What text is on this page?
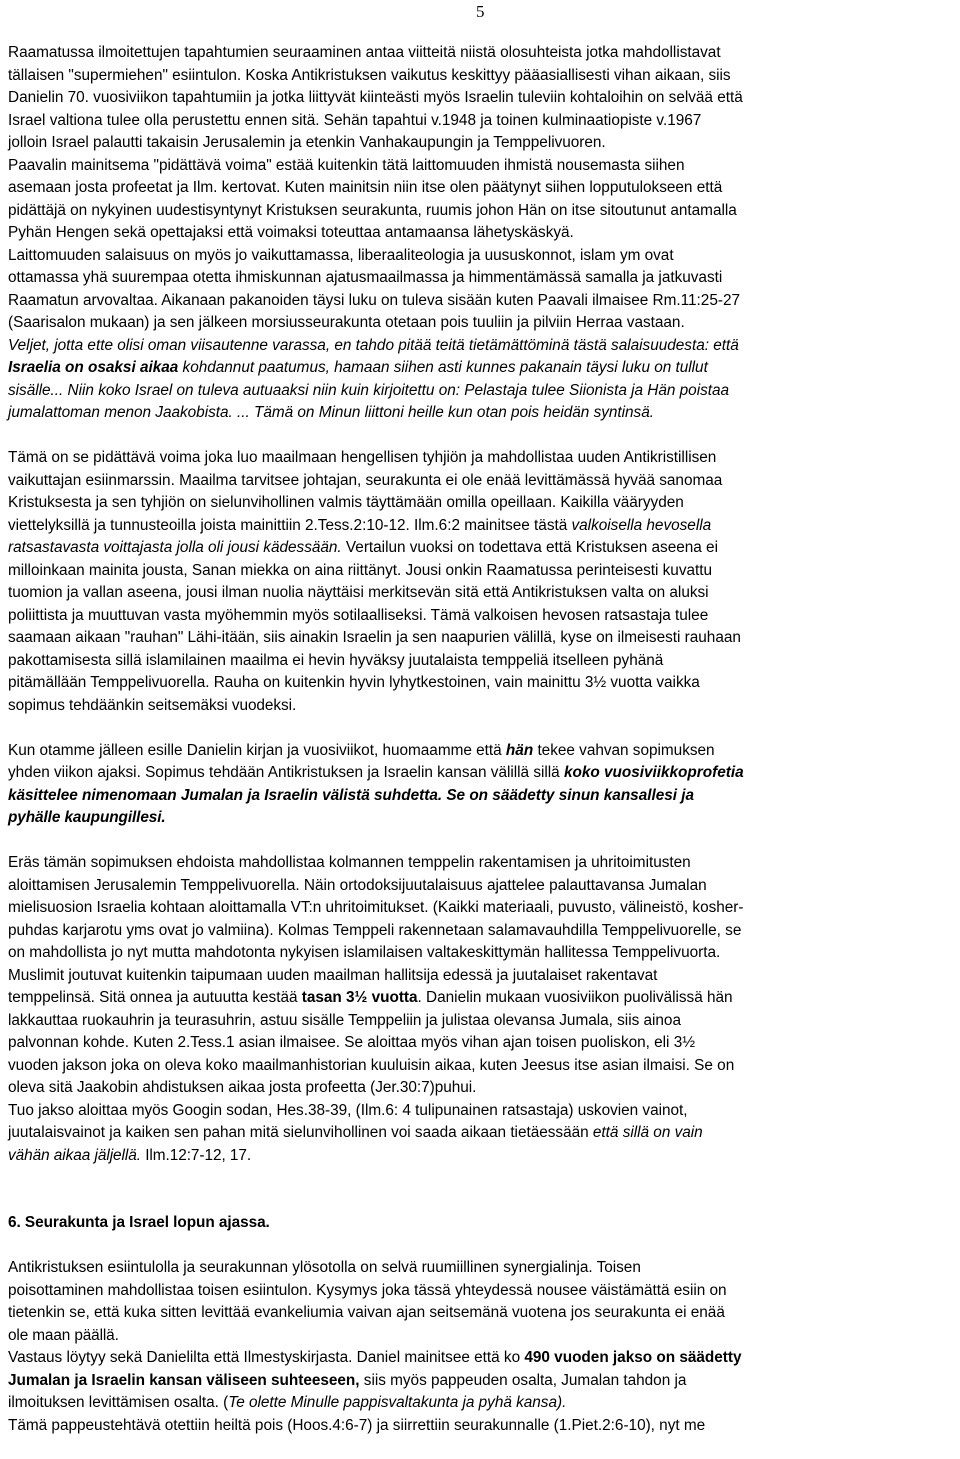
5
Raamatussa ilmoitettujen tapahtumien seuraaminen antaa viitteitä niistä olosuhteista jotka mahdollistavat
tällaisen "supermiehen" esiintulon. Koska Antikristuksen vaikutus keskittyy pääasiallisesti vihan aikaan, siis
Danielin 70. vuosiviikon tapahtumiin ja jotka liittyvät kiinteästi myös Israelin tuleviin kohtaloihin on selvää että
Israel valtiona tulee olla perustettu ennen sitä. Sehän tapahtui v.1948 ja toinen kulminaatiopiste v.1967
jolloin Israel palautti takaisin Jerusalemin ja etenkin Vanhakaupungin ja Temppelivuoren.
Paavalin mainitsema "pidättävä voima" estää kuitenkin tätä laittomuuden ihmistä nousemasta siihen
asemaan josta profeetat ja Ilm. kertovat. Kuten mainitsin niin itse olen päätynyt siihen lopputulokseen että
pidättäjä on nykyinen uudestisyntynyt Kristuksen seurakunta, ruumis johon Hän on itse sitoutunut antamalla
Pyhän Hengen sekä opettajaksi että voimaksi toteuttaa antamaansa lähetyskäskyä.
Laittomuuden salaisuus on myös jo vaikuttamassa, liberaaliteologia ja uususkonnot, islam ym ovat
ottamassa yhä suurempaa otetta ihmiskunnan ajatusmaailmassa ja himmentämässä samalla ja jatkuvasti
Raamatun arvovaltaa. Aikanaan pakanoiden täysi luku on tuleva sisään kuten Paavali ilmaisee Rm.11:25-27
(Saarisalon mukaan) ja sen jälkeen morsiusseurakunta otetaan pois tuuliin ja pilviin Herraa vastaan.
Veljet, jotta ette olisi oman viisautenne varassa, en tahdo pitää teitä tietämättöminä tästä salaisuudesta: että
Israelia on osaksi aikaa kohdannut paatumus, hamaan siihen asti kunnes pakanain täysi luku on tullut
sisälle... Niin koko Israel on tuleva autuaaksi niin kuin kirjoitettu on: Pelastaja tulee Siionista ja Hän poistaa
jumalattoman menon Jaakobista. ... Tämä on Minun liittoni heille kun otan pois heidän syntinsä.
Tämä on se pidättävä voima joka luo maailmaan hengellisen tyhjiön ja mahdollistaa uuden Antikristillisen
vaikuttajan esiinmarssin. Maailma tarvitsee johtajan, seurakunta ei ole enää levittämässä hyvää sanomaa
Kristuksesta ja sen tyhjiön on sielunvihollinen valmis täyttämään omilla opeillaan. Kaikilla vääryyden
viettelyksillä ja tunnusteoilla joista mainittiin 2.Tess.2:10-12. Ilm.6:2 mainitsee tästä valkoisella hevosella
ratsastavasta voittajasta jolla oli jousi kädessään. Vertailun vuoksi on todettava että Kristuksen aseena ei
milloinkaan mainita jousta, Sanan miekka on aina riittänyt. Jousi onkin Raamatussa perinteisesti kuvattu
tuomion ja vallan aseena, jousi ilman nuolia näyttäisi merkitsevän sitä että Antikristuksen valta on aluksi
poliittista ja muuttuvan vasta myöhemmin myös sotilaalliseksi. Tämä valkoisen hevosen ratsastaja tulee
saamaan aikaan "rauhan" Lähi-itään, siis ainakin Israelin ja sen naapurien välillä, kyse on ilmeisesti rauhaan
pakottamisesta sillä islamilainen maailma ei hevin hyväksy juutalaista temppeliä itselleen pyhänä
pitämällään Temppelivuorella. Rauha on kuitenkin hyvin lyhytkestoinen, vain mainittu 3½ vuotta vaikka
sopimus tehdäänkin seitsemäksi vuodeksi.
Kun otamme jälleen esille Danielin kirjan ja vuosiviikot, huomaamme että hän tekee vahvan sopimuksen
yhden viikon ajaksi. Sopimus tehdään Antikristuksen ja Israelin kansan välillä sillä koko vuosiviikkoprofetia
käsittelee nimenomaan Jumalan ja Israelin välistä suhdetta. Se on säädetty sinun kansallesi ja
pyhälle kaupungillesi.
Eräs tämän sopimuksen ehdoista mahdollistaa kolmannen temppelin rakentamisen ja uhritoimitusten
aloittamisen Jerusalemin Temppelivuorella. Näin ortodoksijuutalaisuus ajattelee palauttavansa Jumalan
mielisuosion Israelia kohtaan aloittamalla VT:n uhritoimitukset. (Kaikki materiaali, puvusto, välineistö, kosher-
puhdas karjarotu yms ovat jo valmiina). Kolmas Temppeli rakennetaan salamavauhdilla Temppelivuorelle, se
on mahdollista jo nyt mutta mahdotonta nykyisen islamilaisen valtakeskittymän hallitessa Temppelivuorta.
Muslimit joutuvat kuitenkin taipumaan uuden maailman hallitsija edessä ja juutalaiset rakentavat
temppelinsä. Sitä onnea ja autuutta kestää tasan 3½ vuotta. Danielin mukaan vuosiviikon puolivälissä hän
lakkauttaa ruokauhrin ja teurasuhrin, astuu sisälle Temppeliin ja julistaa olevansa Jumala, siis ainoa
palvonnan kohde. Kuten 2.Tess.1 asian ilmaisee. Se aloittaa myös vihan ajan toisen puoliskon, eli 3½
vuoden jakson joka on oleva koko maailmanhistorian kuuluisin aikaa, kuten Jeesus itse asian ilmaisi. Se on
oleva sitä Jaakobin ahdistuksen aikaa josta profeetta (Jer.30:7)puhui.
Tuo jakso aloittaa myös Googin sodan, Hes.38-39, (Ilm.6: 4 tulipunainen ratsastaja) uskovien vainot,
juutalaisvainot ja kaiken sen pahan mitä sielunvihollinen voi saada aikaan tietäessään että sillä on vain
vähän aikaa jäljellä. Ilm.12:7-12, 17.
6. Seurakunta ja Israel lopun ajassa.
Antikristuksen esiintulolla ja seurakunnan ylösotolla on selvä ruumiillinen synergialinja. Toisen
poisottaminen mahdollistaa toisen esiintulon. Kysymys joka tässä yhteydessä nousee väistämättä esiin on
tietenkin se, että kuka sitten levittää evankeliumia vaivan ajan seitsemänä vuotena jos seurakunta ei enää
ole maan päällä.
Vastaus löytyy sekä Danielilta että Ilmestyskirjasta. Daniel mainitsee että ko 490 vuoden jakso on säädetty
Jumalan ja Israelin kansan väliseen suhteeseen, siis myös pappeuden osalta, Jumalan tahdon ja
ilmoituksen levittämisen osalta. (Te olette Minulle pappisvaltakunta ja pyhä kansa).
Tämä pappeustehtävä otettiin heiltä pois (Hoos.4:6-7) ja siirrettiin seurakunnalle (1.Piet.2:6-10), nyt me
